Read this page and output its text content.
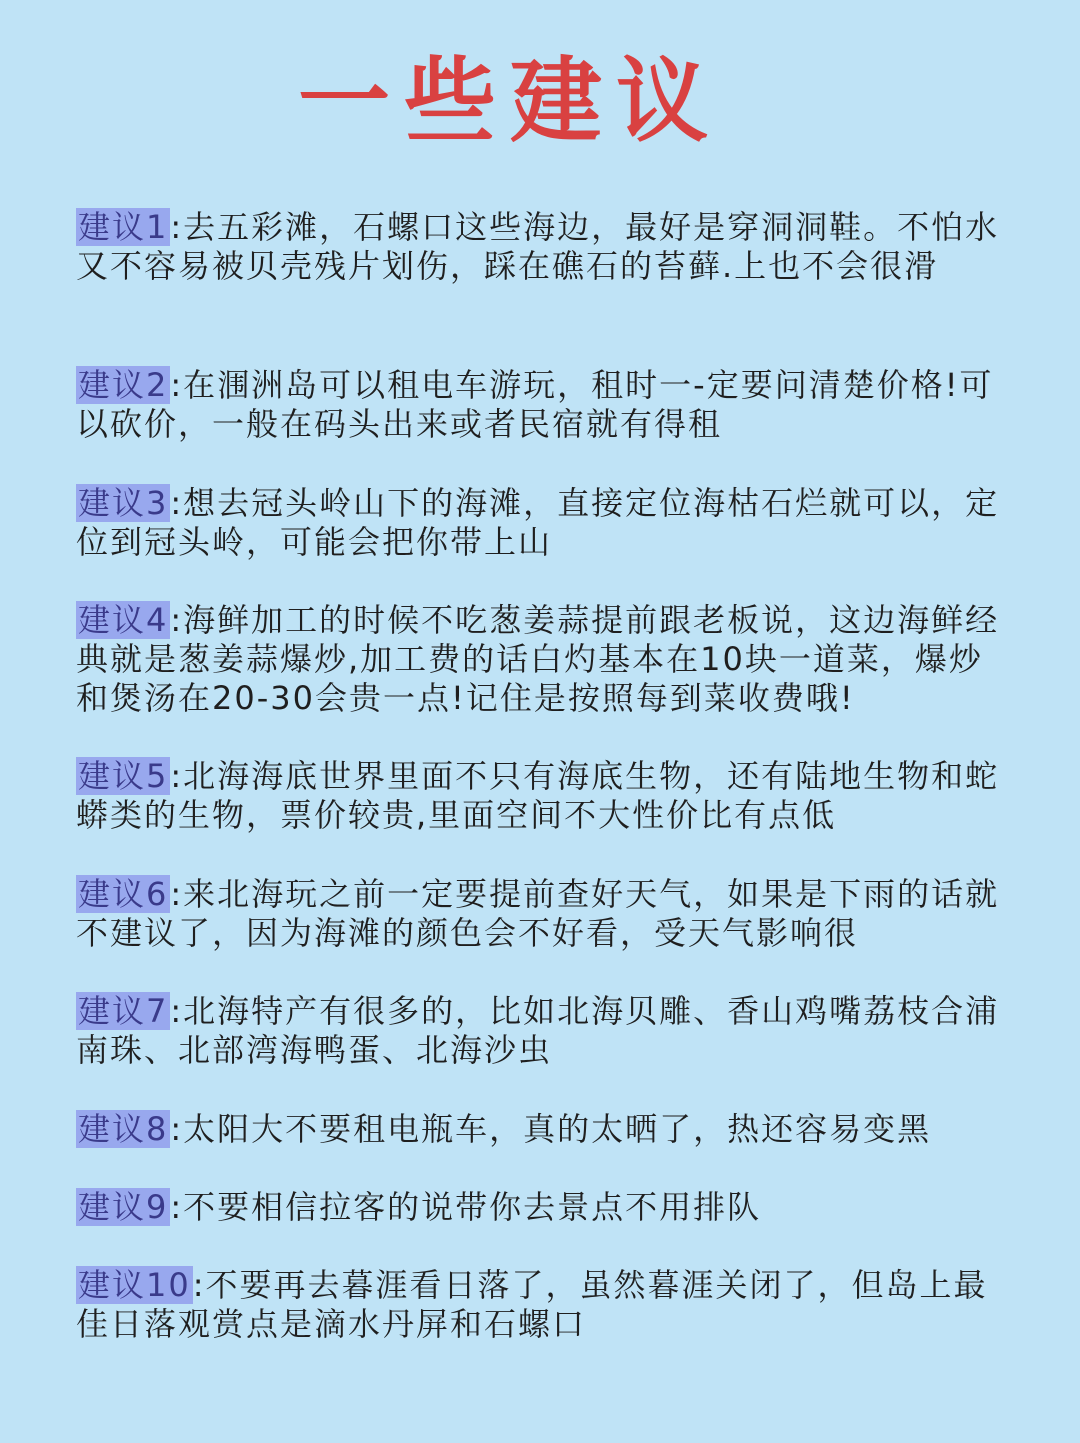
一些建议

建议1:去五彩滩，石螺口这些海边，最好是穿洞洞鞋。不怕水又不容易被贝壳残片划伤，踩在礁石的苔藓.上也不会很滑

建议2:在涠洲岛可以租电车游玩，租时一-定要问清楚价格!可以砍价，一般在码头出来或者民宿就有得租

建议3:想去冠头岭山下的海滩，直接定位海枯石烂就可以，定位到冠头岭，可能会把你带上山

建议4:海鲜加工的时候不吃葱姜蒜提前跟老板说，这边海鲜经典就是葱姜蒜爆炒,加工费的话白灼基本在10块一道菜，爆炒和煲汤在20-30会贵一点!记住是按照每到菜收费哦!

建议5:北海海底世界里面不只有海底生物，还有陆地生物和蛇蟒类的生物，票价较贵,里面空间不大性价比有点低

建议6:来北海玩之前一定要提前查好天气，如果是下雨的话就不建议了，因为海滩的颜色会不好看，受天气影响很

建议7:北海特产有很多的，比如北海贝雕、香山鸡嘴荔枝合浦南珠、北部湾海鸭蛋、北海沙虫

建议8:太阳大不要租电瓶车，真的太晒了，热还容易变黑

建议9:不要相信拉客的说带你去景点不用排队

建议10:不要再去暮涯看日落了，虽然暮涯关闭了，但岛上最佳日落观赏点是滴水丹屏和石螺口
